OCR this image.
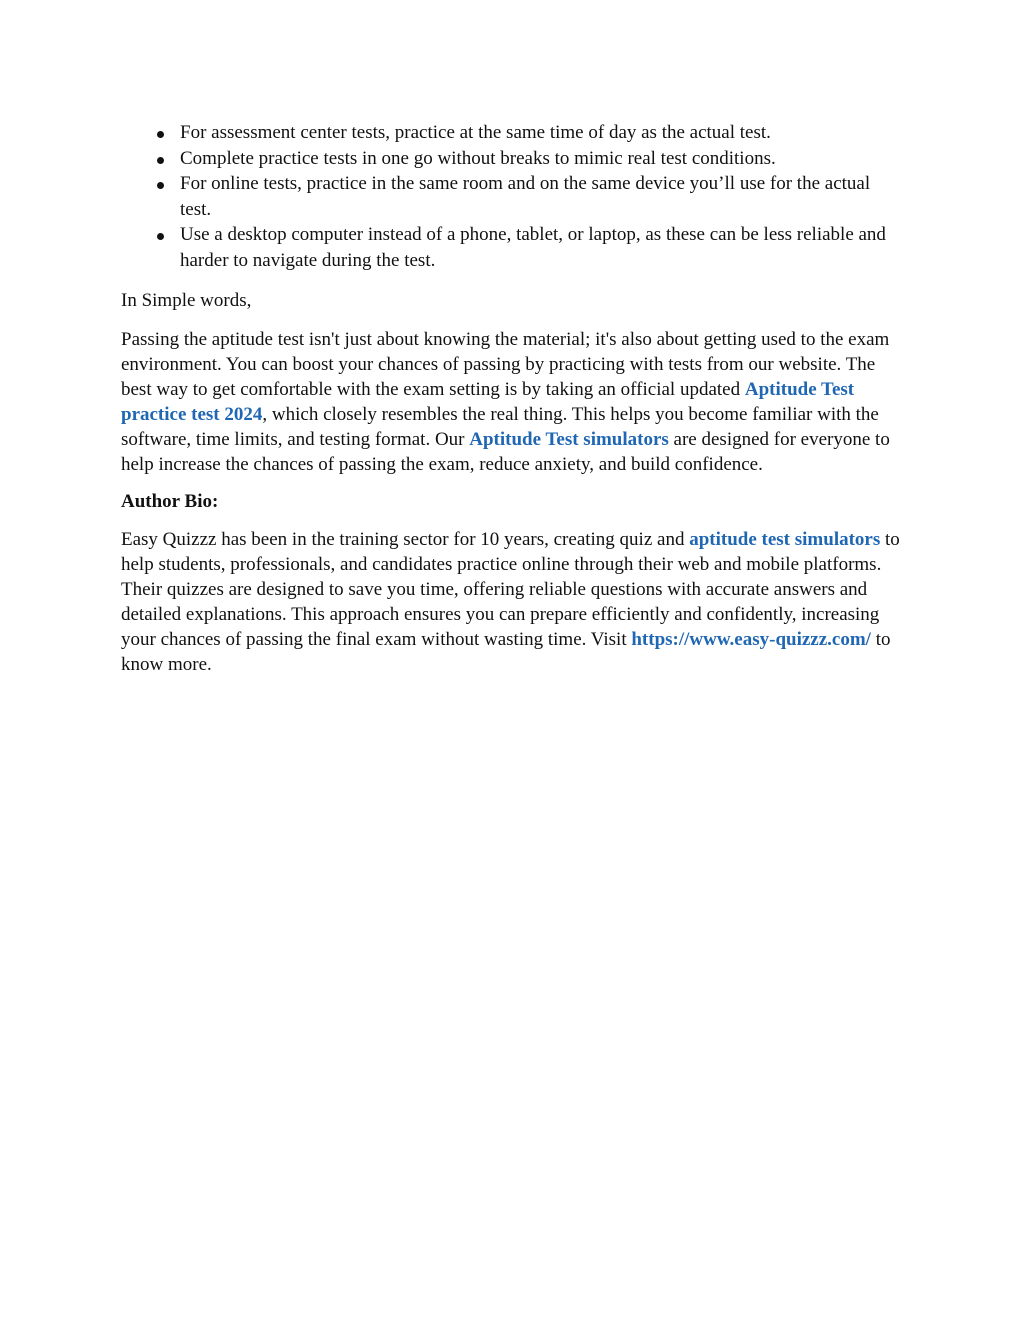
For assessment center tests, practice at the same time of day as the actual test.
Complete practice tests in one go without breaks to mimic real test conditions.
For online tests, practice in the same room and on the same device you’ll use for the actual test.
Use a desktop computer instead of a phone, tablet, or laptop, as these can be less reliable and harder to navigate during the test.

In Simple words,

Passing the aptitude test isn't just about knowing the material; it's also about getting used to the exam environment. You can boost your chances of passing by practicing with tests from our website. The best way to get comfortable with the exam setting is by taking an official updated Aptitude Test practice test 2024, which closely resembles the real thing. This helps you become familiar with the software, time limits, and testing format. Our Aptitude Test simulators are designed for everyone to help increase the chances of passing the exam, reduce anxiety, and build confidence.

Author Bio:

Easy Quizzz has been in the training sector for 10 years, creating quiz and aptitude test simulators to help students, professionals, and candidates practice online through their web and mobile platforms. Their quizzes are designed to save you time, offering reliable questions with accurate answers and detailed explanations. This approach ensures you can prepare efficiently and confidently, increasing your chances of passing the final exam without wasting time. Visit https://www.easy-quizzz.com/ to know more.
